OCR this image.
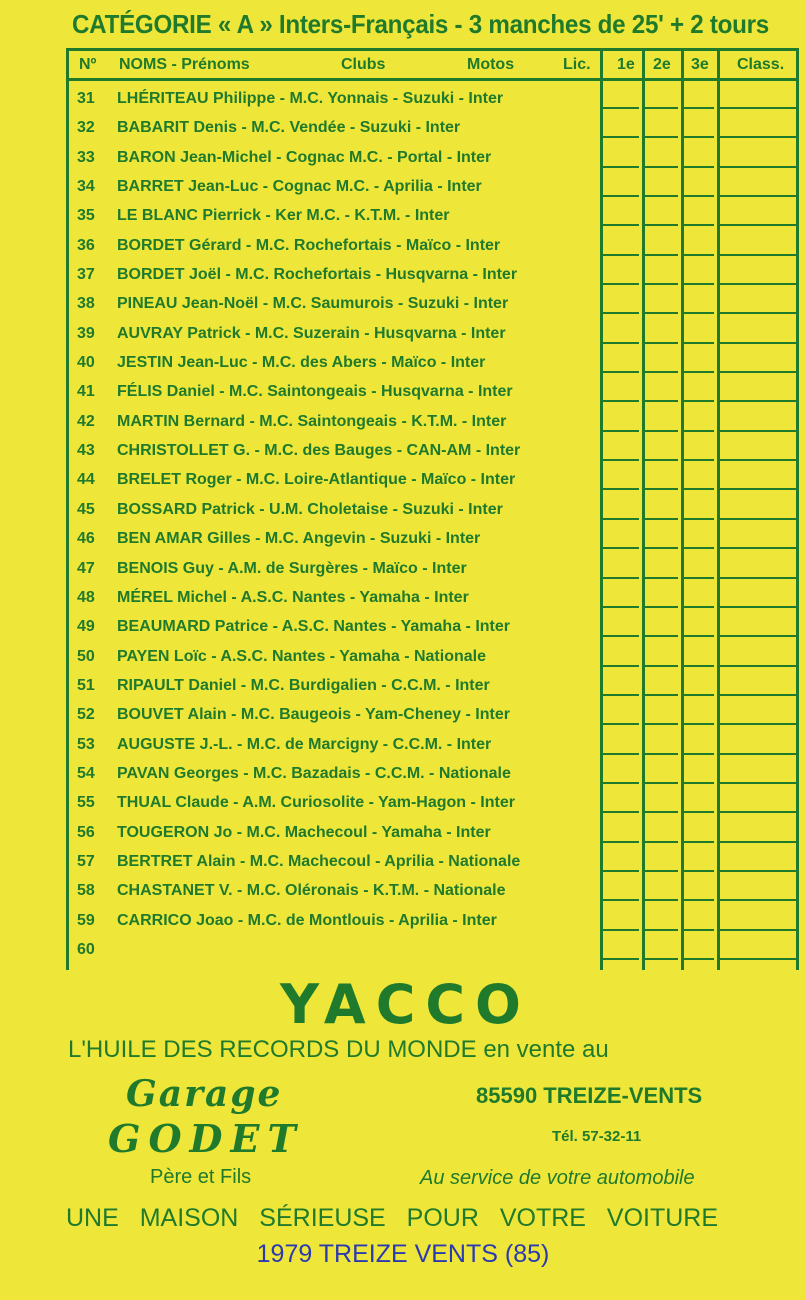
CATÉGORIE « A » Inters-Français - 3 manches de 25' + 2 tours
Nº NOMS - Prénoms	Clubs	Motos	Lic. 1e 2e 3e Class.
31	LHÉRITEAU Philippe - M.C. Yonnais - Suzuki - Inter
32	BABARIT Denis - M.C. Vendée - Suzuki - Inter
33	BARON Jean-Michel - Cognac M.C. - Portal - Inter
34	BARRET Jean-Luc - Cognac M.C. - Aprilia - Inter
35	LE BLANC Pierrick - Ker M.C. - K.T.M. - Inter
36	BORDET Gérard - M.C. Rochefortais - Maïco - Inter
37	BORDET Joël - M.C. Rochefortais - Husqvarna - Inter
38	PINEAU Jean-Noël - M.C. Saumurois - Suzuki - Inter
39	AUVRAY Patrick - M.C. Suzerain - Husqvarna - Inter
40	JESTIN Jean-Luc - M.C. des Abers - Maïco - Inter
41	FÉLIS Daniel - M.C. Saintongeais - Husqvarna - Inter
42	MARTIN Bernard - M.C. Saintongeais - K.T.M. - Inter
43	CHRISTOLLET G. - M.C. des Bauges - CAN-AM - Inter
44	BRELET Roger - M.C. Loire-Atlantique - Maïco - Inter
45	BOSSARD Patrick - U.M. Choletaise - Suzuki - Inter
46	BEN AMAR Gilles - M.C. Angevin - Suzuki - Inter
47	BENOIS Guy - A.M. de Surgères - Maïco - Inter
48	MÉREL Michel - A.S.C. Nantes - Yamaha - Inter
49	BEAUMARD Patrice - A.S.C. Nantes - Yamaha - Inter
50	PAYEN Loïc - A.S.C. Nantes - Yamaha - Nationale
51	RIPAULT Daniel - M.C. Burdigalien - C.C.M. - Inter
52	BOUVET Alain - M.C. Baugeois - Yam-Cheney - Inter
53	AUGUSTE J.-L. - M.C. de Marcigny - C.C.M. - Inter
54	PAVAN Georges - M.C. Bazadais - C.C.M. - Nationale
55	THUAL Claude - A.M. Curiosolite - Yam-Hagon - Inter
56	TOUGERON Jo - M.C. Machecoul - Yamaha - Inter
57	BERTRET Alain - M.C. Machecoul - Aprilia - Nationale
58	CHASTANET V. - M.C. Oléronais - K.T.M. - Nationale
59	CARRICO Joao - M.C. de Montlouis - Aprilia - Inter
60
YACCO
L'HUILE DES RECORDS DU MONDE en vente au
Garage
GODET
Père et Fils
85590 TREIZE-VENTS
Tél. 57-32-11
Au service de votre automobile
UNE MAISON SÉRIEUSE POUR VOTRE VOITURE
1979 TREIZE VENTS (85)
